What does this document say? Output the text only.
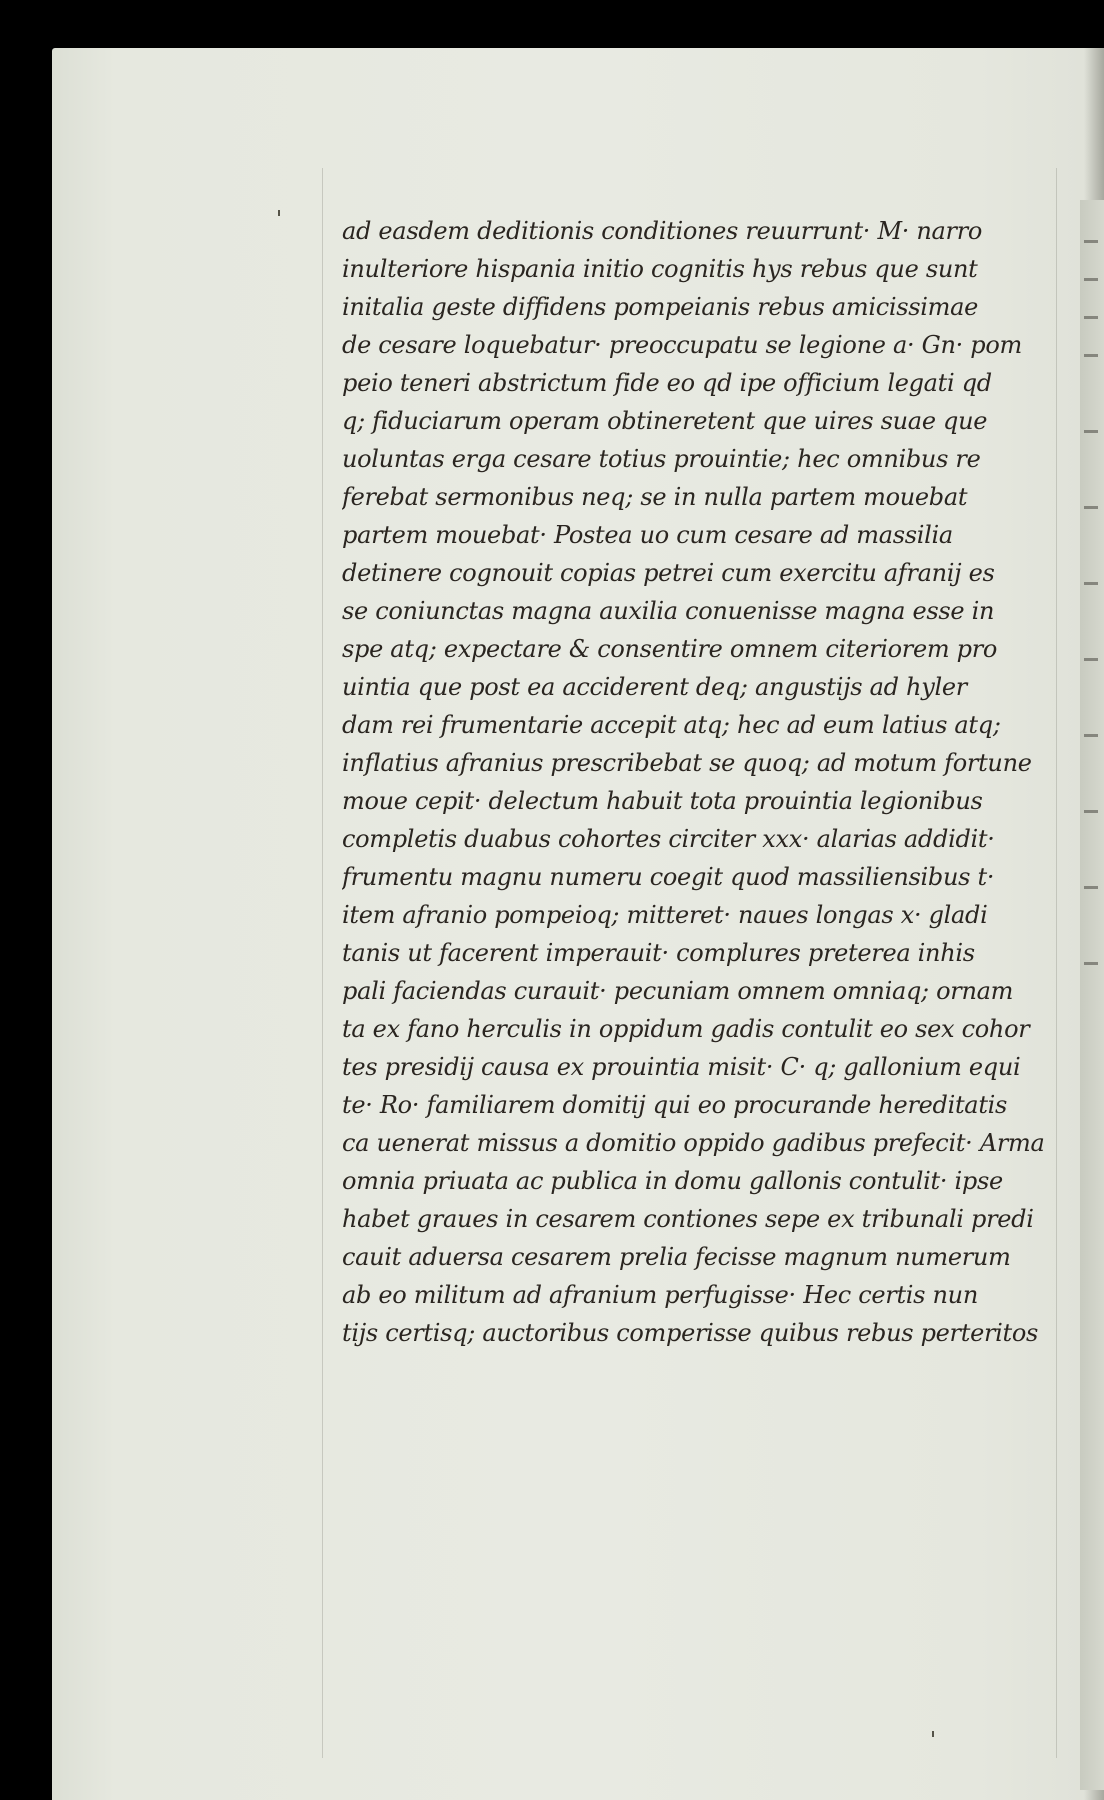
ad easdem deditionis conditiones reuurrunt· M· narro
inulteriore hispania initio cognitis hys rebus que sunt
initalia geste diffidens pompeianis rebus amicissimae
de cesare loquebatur· preoccupatu se legione a· Gn· pom
peio teneri abstrictum fide eo qd ipe officium legati qd
q; fiduciarum operam obtineretent que uires suae que
uoluntas erga cesare totius prouintie; hec omnibus re
ferebat sermonibus neq; se in nulla partem mouebat
partem mouebat· Postea uo cum cesare ad massilia
detinere cognouit copias petrei cum exercitu afranij es
se coniunctas magna auxilia conuenisse magna esse in
spe atq; expectare & consentire omnem citeriorem pro
uintia que post ea acciderent deq; angustijs ad hyler
dam rei frumentarie accepit atq; hec ad eum latius atq;
inflatius afranius prescribebat se quoq; ad motum fortune
moue cepit· delectum habuit tota prouintia legionibus
completis duabus cohortes circiter xxx· alarias addidit·
frumentu magnu numeru coegit quod massiliensibus t·
item afranio pompeioq; mitteret· naues longas x· gladi
tanis ut facerent imperauit· complures preterea inhis
pali faciendas curauit· pecuniam omnem omniaq; ornam
ta ex fano herculis in oppidum gadis contulit eo sex cohor
tes presidij causa ex prouintia misit· C· q; gallonium equi
te· Ro· familiarem domitij qui eo procurande hereditatis
ca uenerat missus a domitio oppido gadibus prefecit· Arma
omnia priuata ac publica in domu gallonis contulit· ipse
habet graues in cesarem contiones sepe ex tribunali predi
cauit aduersa cesarem prelia fecisse magnum numerum
ab eo militum ad afranium perfugisse· Hec certis nun
tijs certisq; auctoribus comperisse quibus rebus perteritos
